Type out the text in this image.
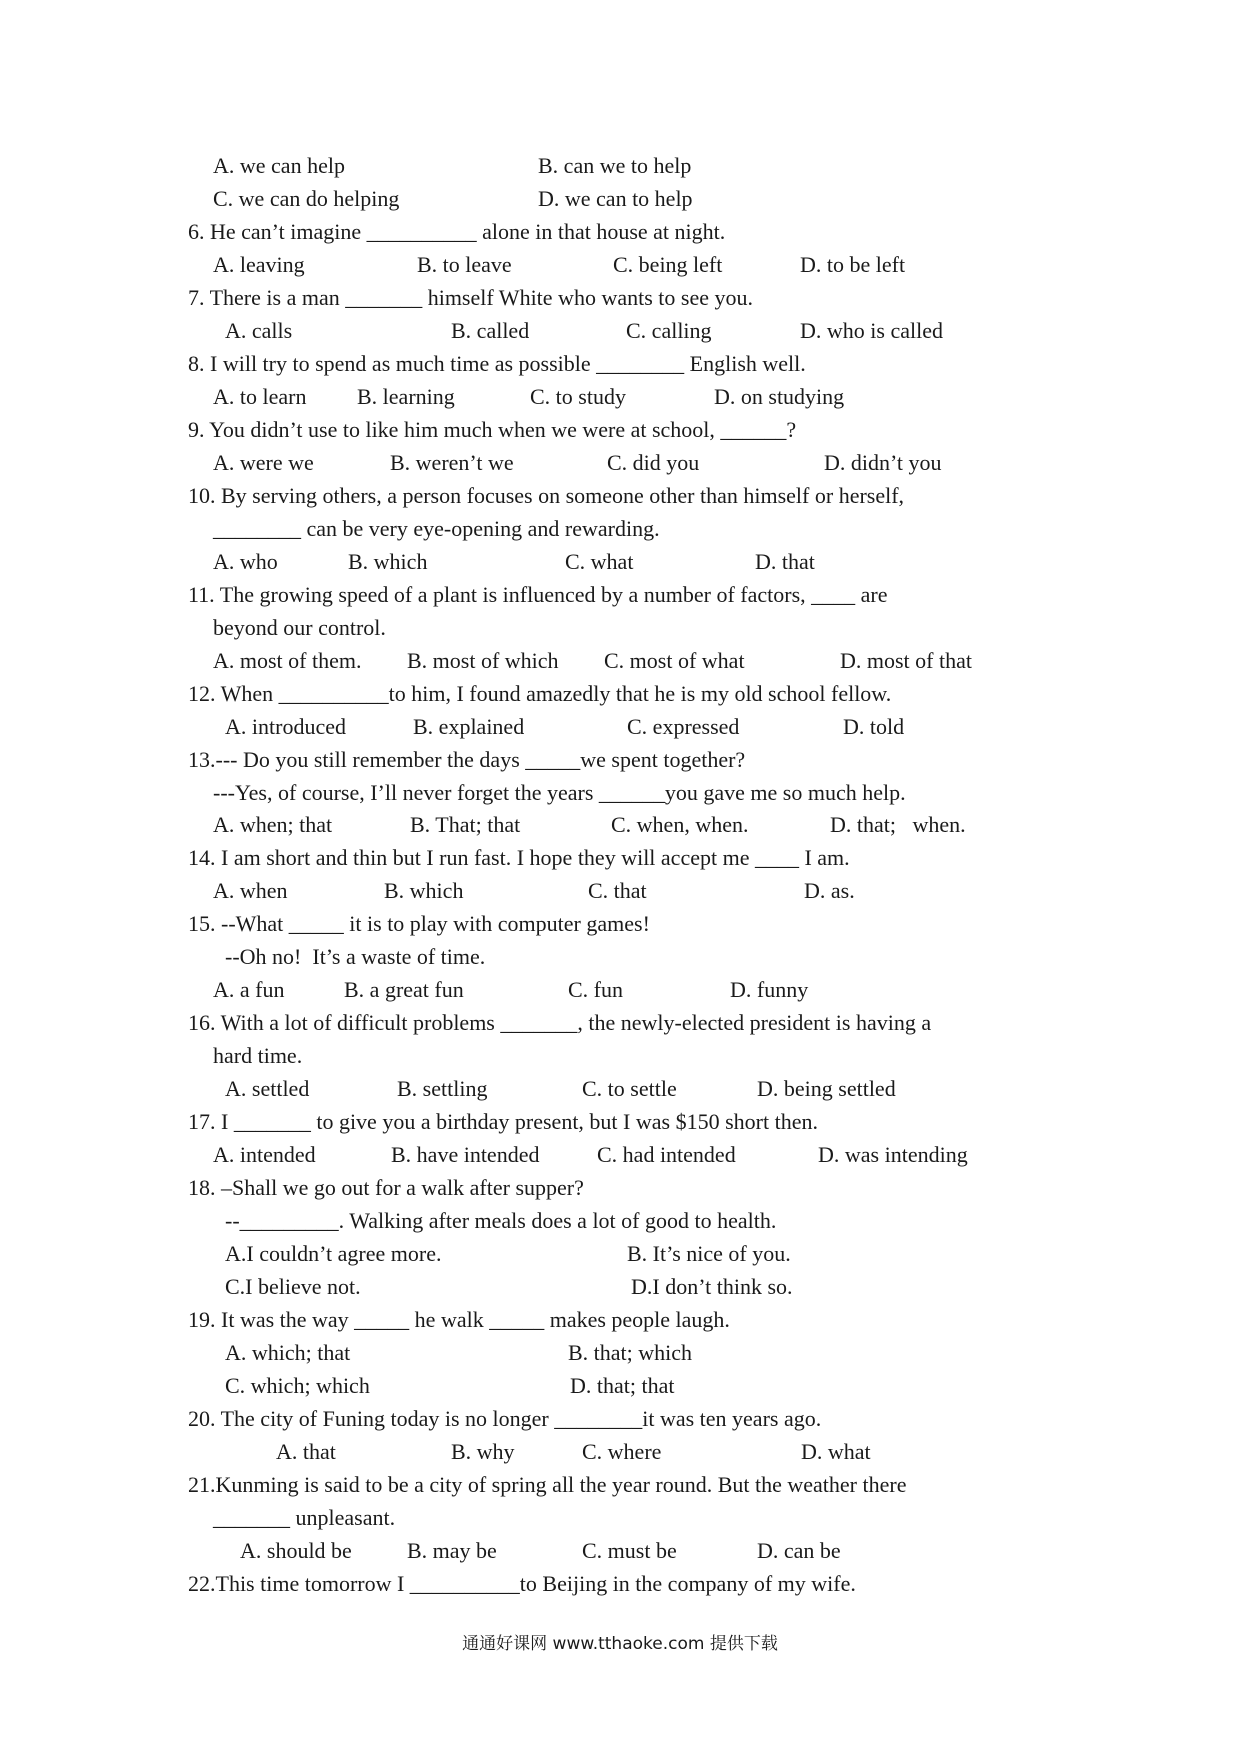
A. we can help	B. can we to help
C. we can do helping	D. we can to help
6. He can’t imagine __________ alone in that house at night.
A. leaving	B. to leave	C. being left	D. to be left
7. There is a man _______ himself White who wants to see you.
A. calls	B. called	C. calling	D. who is called
8. I will try to spend as much time as possible ________ English well.
A. to learn B. learning	C. to study	D. on studying
9. You didn’t use to like him much when we were at school, ______?
A. were we	B. weren’t we	C. did you	D. didn’t you
10. By serving others, a person focuses on someone other than himself or herself,
________ can be very eye-opening and rewarding.
A. who	B. which	C. what	D. that
11. The growing speed of a plant is influenced by a number of factors, ____ are
beyond our control.
A. most of them. B. most of which C. most of what	D. most of that
12. When __________to him, I found amazedly that he is my old school fellow.
A. introduced	B. explained	C. expressed	D. told
13.--- Do you still remember the days _____we spent together?
---Yes, of course, I’ll never forget the years ______you gave me so much help.
A. when; that	B. That; that	C. when, when.	D. that;   when.
14. I am short and thin but I run fast. I hope they will accept me ____ I am.
A. when	B. which	C. that	D. as.
15. --What _____ it is to play with computer games!
--Oh no!  It’s a waste of time.
A. a fun	B. a great fun	C. fun	D. funny
16. With a lot of difficult problems _______, the newly-elected president is having a
hard time.
A. settled	B. settling	C. to settle	D. being settled
17. I _______ to give you a birthday present, but I was $150 short then.
A. intended	B. have intended	C. had intended	D. was intending
18. –Shall we go out for a walk after supper?
--_________. Walking after meals does a lot of good to health.
A.I couldn’t agree more.	B. It’s nice of you.
C.I believe not.	D.I don’t think so.
19. It was the way _____ he walk _____ makes people laugh.
A. which; that	B. that; which
C. which; which	D. that; that
20. The city of Funing today is no longer ________it was ten years ago.
A. that	B. why	C. where	D. what
21.Kunming is said to be a city of spring all the year round. But the weather there
_______ unpleasant.
A. should be	B. may be	C. must be	D. can be
22.This time tomorrow I __________to Beijing in the company of my wife.
通通好课网 www.tthaoke.com 提供下载
